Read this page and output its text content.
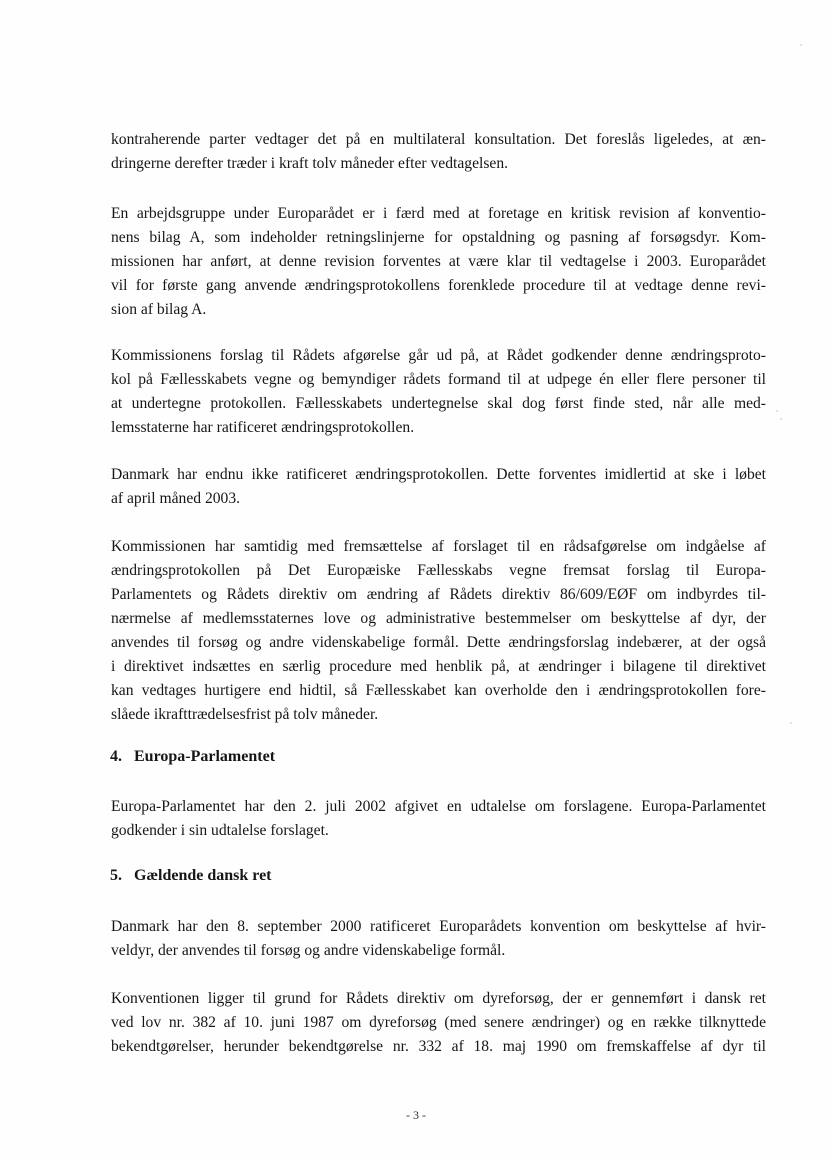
kontraherende parter vedtager det på en multilateral konsultation. Det foreslås ligeledes, at æn-
dringerne derefter træder i kraft tolv måneder efter vedtagelsen.

En arbejdsgruppe under Europarådet er i færd med at foretage en kritisk revision af konventio-
nens bilag A, som indeholder retningslinjerne for opstaldning og pasning af forsøgsdyr. Kom-
missionen har anført, at denne revision forventes at være klar til vedtagelse i 2003. Europarådet
vil for første gang anvende ændringsprotokollens forenklede procedure til at vedtage denne revi-
sion af bilag A.

Kommissionens forslag til Rådets afgørelse går ud på, at Rådet godkender denne ændringsproto-
kol på Fællesskabets vegne og bemyndiger rådets formand til at udpege én eller flere personer til
at undertegne protokollen. Fællesskabets undertegnelse skal dog først finde sted, når alle med-
lemsstaterne har ratificeret ændringsprotokollen.

Danmark har endnu ikke ratificeret ændringsprotokollen. Dette forventes imidlertid at ske i løbet
af april måned 2003.

Kommissionen har samtidig med fremsættelse af forslaget til en rådsafgørelse om indgåelse af
ændringsprotokollen på Det Europæiske Fællesskabs vegne fremsat forslag til Europa-
Parlamentets og Rådets direktiv om ændring af Rådets direktiv 86/609/EØF om indbyrdes til-
nærmelse af medlemsstaternes love og administrative bestemmelser om beskyttelse af dyr, der
anvendes til forsøg og andre videnskabelige formål. Dette ændringsforslag indebærer, at der også
i direktivet indsættes en særlig procedure med henblik på, at ændringer i bilagene til direktivet
kan vedtages hurtigere end hidtil, så Fællesskabet kan overholde den i ændringsprotokollen fore-
slåede ikrafttrædelsesfrist på tolv måneder.

4. Europa-Parlamentet

Europa-Parlamentet har den 2. juli 2002 afgivet en udtalelse om forslagene. Europa-Parlamentet
godkender i sin udtalelse forslaget.

5. Gældende dansk ret

Danmark har den 8. september 2000 ratificeret Europarådets konvention om beskyttelse af hvir-
veldyr, der anvendes til forsøg og andre videnskabelige formål.

Konventionen ligger til grund for Rådets direktiv om dyreforsøg, der er gennemført i dansk ret
ved lov nr. 382 af 10. juni 1987 om dyreforsøg (med senere ændringer) og en række tilknyttede
bekendtgørelser, herunder bekendtgørelse nr. 332 af 18. maj 1990 om fremskaffelse af dyr til

- 3 -
